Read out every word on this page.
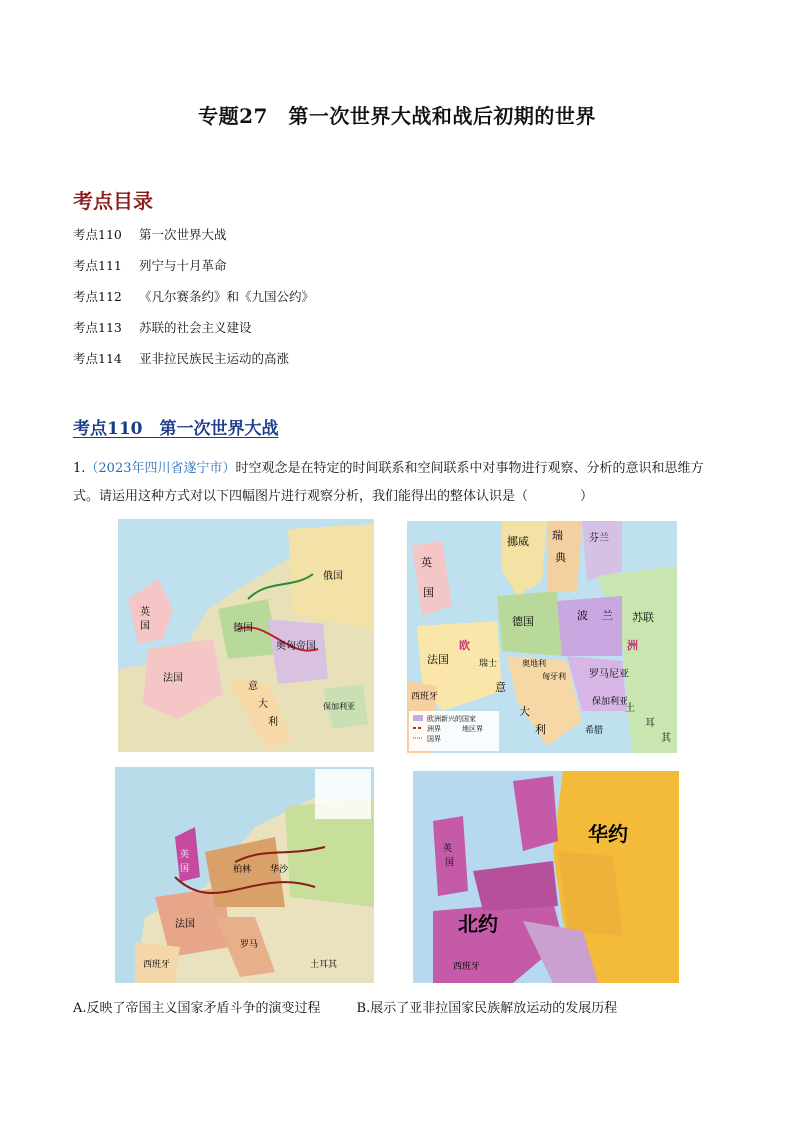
专题27　第一次世界大战和战后初期的世界
考点目录
考点110	第一次世界大战
考点111	列宁与十月革命
考点112	《凡尔赛条约》和《九国公约》
考点113	苏联的社会主义建设
考点114	亚非拉民族民主运动的高涨
考点110　第一次世界大战
1.（2023年四川省遂宁市）时空观念是在特定的时间联系和空间联系中对事物进行观察、分析的意识和思维方式。请运用这种方式对以下四幅图片进行观察分析，我们能得出的整体认识是（　　　　）
英
国
法国
德国
奥匈帝国
俄国
意
大
利
保加利亚
欧洲新兴的国家
洲界	地区界
国界
挪威 瑞
典
芬兰
英
国
德国	波 兰 苏联
法国
欧	洲
瑞士	奥地利
匈牙利 罗马尼亚
意
大
利
保加利亚
希腊
土
耳
其
西班牙
英
国
法国
柏林 华沙
罗马
西班牙	土耳其
华约
北约
英
国
西班牙
A.反映了帝国主义国家矛盾斗争的演变过程	B.展示了亚非拉国家民族解放运动的发展历程
